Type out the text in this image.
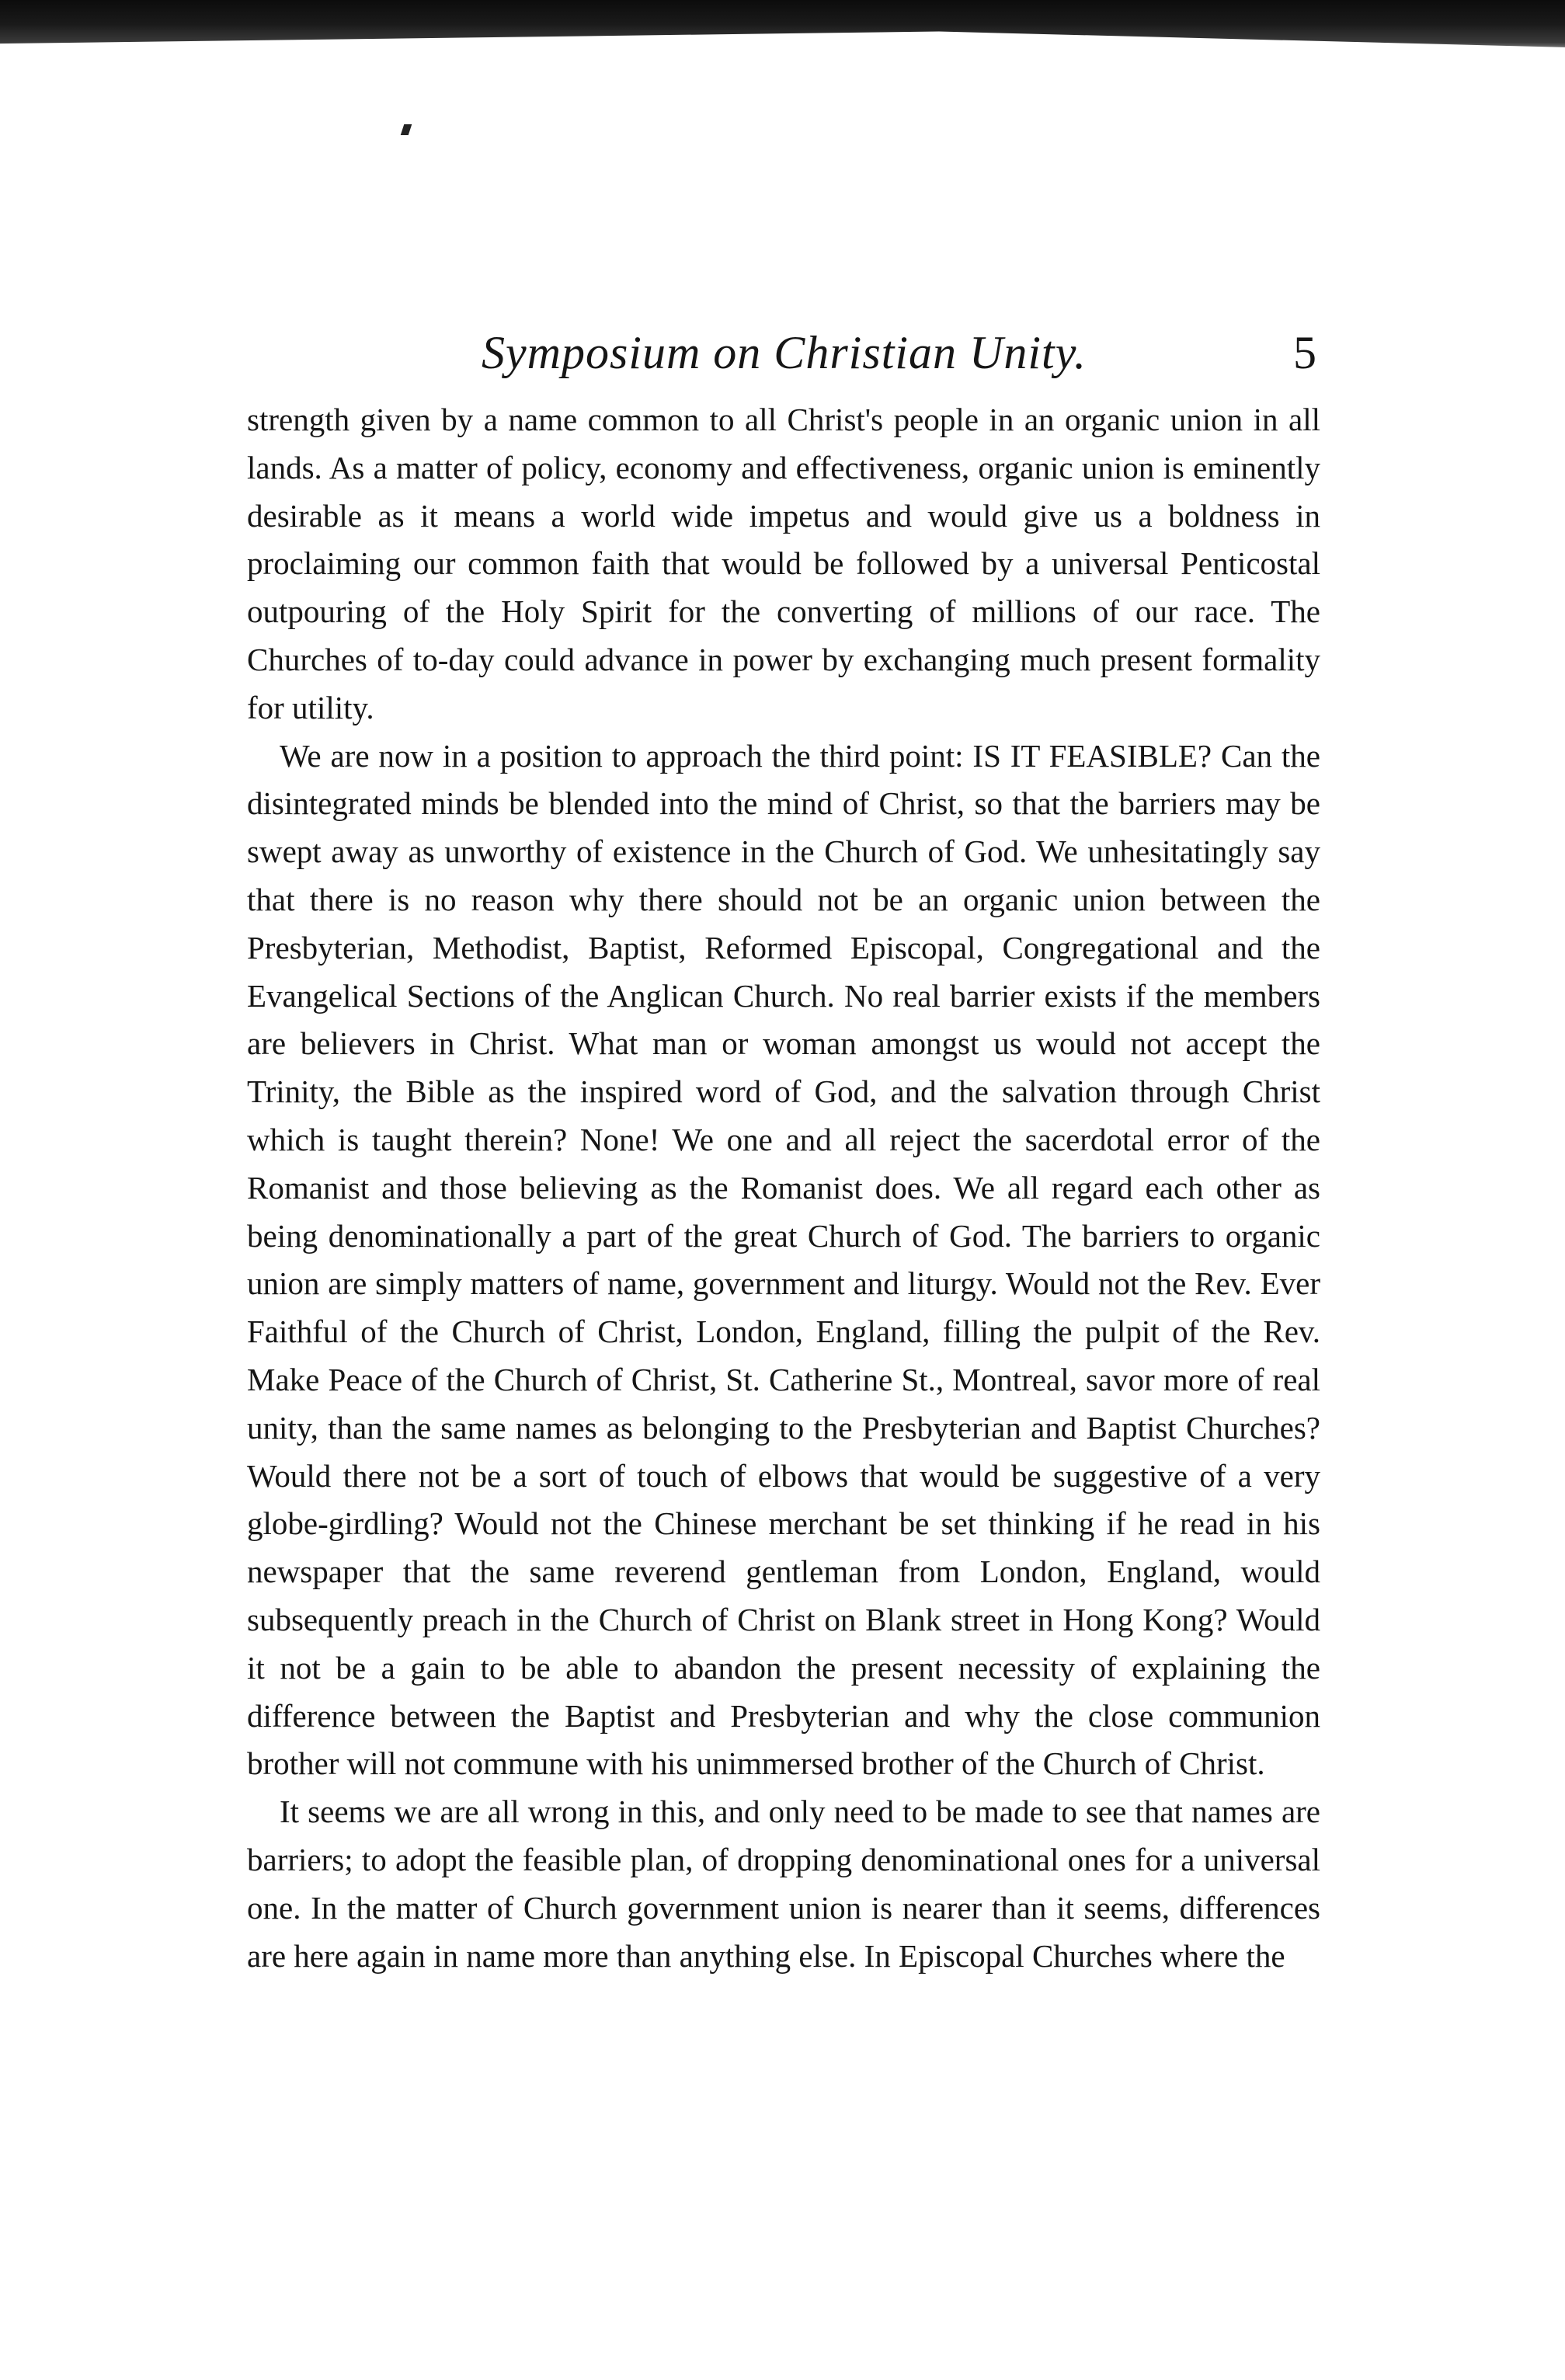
Symposium on Christian Unity.	5

strength given by a name common to all Christ's people in an organic union in all lands. As a matter of policy, economy and effectiveness, organic union is eminently desirable as it means a world wide impetus and would give us a boldness in proclaiming our common faith that would be followed by a universal Penticostal outpouring of the Holy Spirit for the converting of millions of our race. The Churches of to-day could advance in power by exchanging much present formality for utility.

We are now in a position to approach the third point: IS IT FEASIBLE? Can the disintegrated minds be blended into the mind of Christ, so that the barriers may be swept away as unworthy of existence in the Church of God. We unhesitatingly say that there is no reason why there should not be an organic union between the Presbyterian, Methodist, Baptist, Reformed Episcopal, Congregational and the Evangelical Sections of the Anglican Church. No real barrier exists if the members are believers in Christ. What man or woman amongst us would not accept the Trinity, the Bible as the inspired word of God, and the salvation through Christ which is taught therein? None! We one and all reject the sacerdotal error of the Romanist and those believing as the Romanist does. We all regard each other as being denominationally a part of the great Church of God. The barriers to organic union are simply matters of name, government and liturgy. Would not the Rev. Ever Faithful of the Church of Christ, London, England, filling the pulpit of the Rev. Make Peace of the Church of Christ, St. Catherine St., Montreal, savor more of real unity, than the same names as belonging to the Presbyterian and Baptist Churches? Would there not be a sort of touch of elbows that would be suggestive of a very globe-girdling? Would not the Chinese merchant be set thinking if he read in his newspaper that the same reverend gentleman from London, England, would subsequently preach in the Church of Christ on Blank street in Hong Kong? Would it not be a gain to be able to abandon the present necessity of explaining the difference between the Baptist and Presbyterian and why the close communion brother will not commune with his unimmersed brother of the Church of Christ.

It seems we are all wrong in this, and only need to be made to see that names are barriers; to adopt the feasible plan, of dropping denominational ones for a universal one. In the matter of Church government union is nearer than it seems, differences are here again in name more than anything else. In Episcopal Churches where the
